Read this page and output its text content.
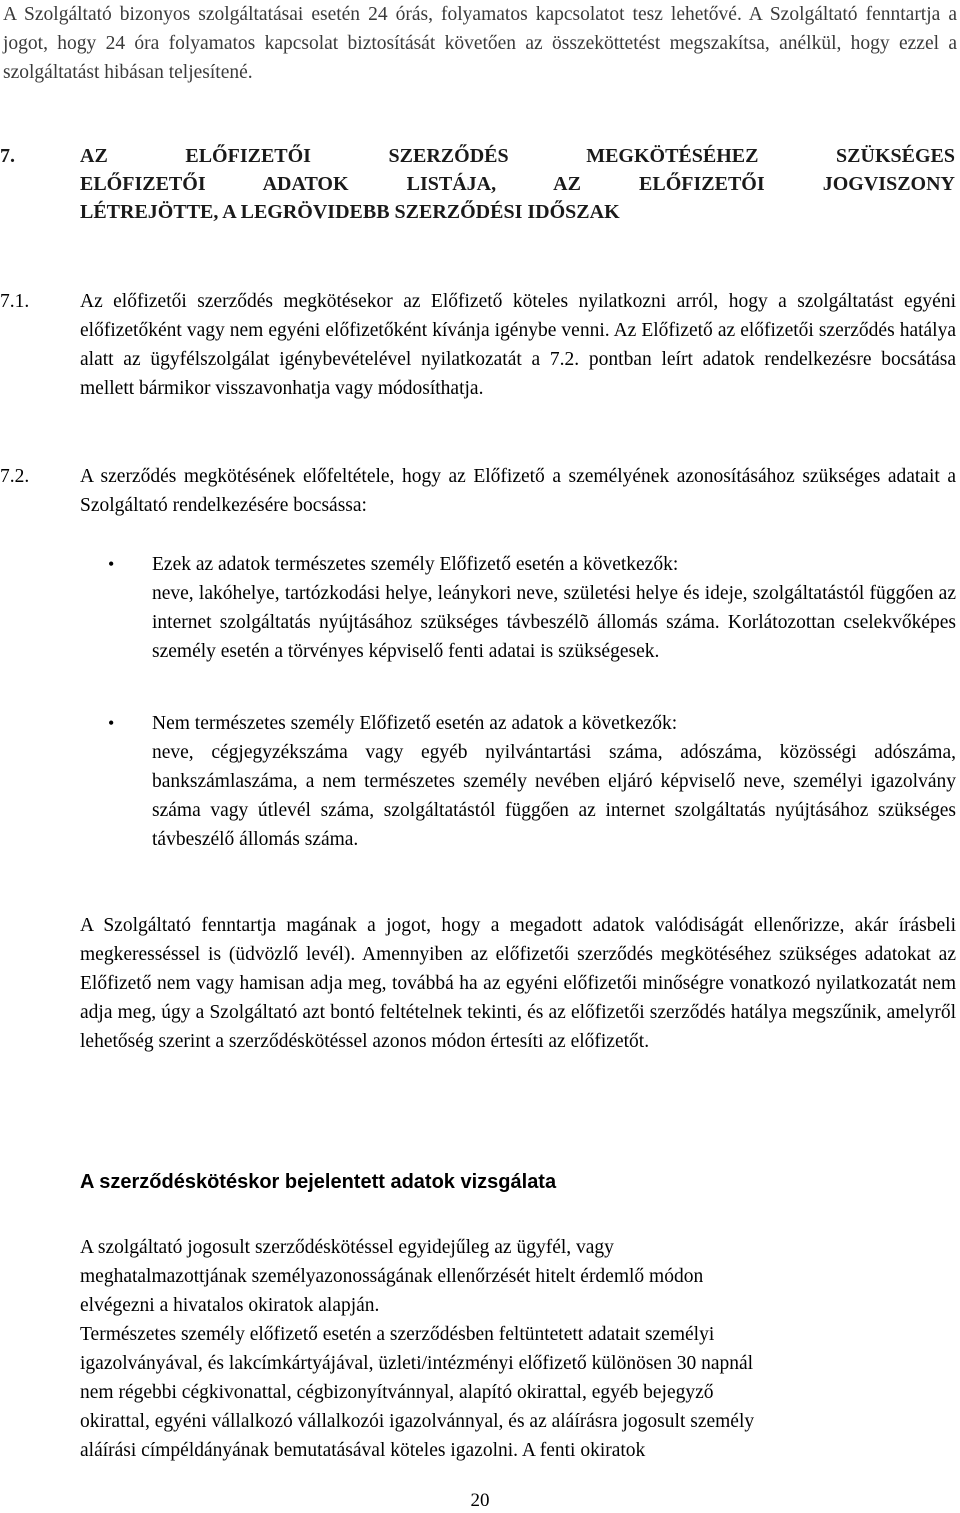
A Szolgáltató bizonyos szolgáltatásai esetén 24 órás, folyamatos kapcsolatot tesz lehetővé. A Szolgáltató fenntartja a jogot, hogy 24 óra folyamatos kapcsolat biztosítását követően az összeköttetést megszakítsa, anélkül, hogy ezzel a szolgáltatást hibásan teljesítené.
7.	AZ ELŐFIZETŐI SZERZŐDÉS MEGKÖTÉSÉHEZ SZÜKSÉGES
ELŐFIZETŐI ADATOK LISTÁJA, AZ ELŐFIZETŐI JOGVISZONY
LÉTREJÖTTE, A LEGRÖVIDEBB SZERZŐDÉSI IDŐSZAK
7.1.	Az előfizetői szerződés megkötésekor az Előfizető köteles nyilatkozni arról, hogy a szolgáltatást egyéni előfizetőként vagy nem egyéni előfizetőként kívánja igénybe venni. Az Előfizető az előfizetői szerződés hatálya alatt az ügyfélszolgálat igénybevételével nyilatkozatát a 7.2. pontban leírt adatok rendelkezésre bocsátása mellett bármikor visszavonhatja vagy módosíthatja.
7.2.	A szerződés megkötésének előfeltétele, hogy az Előfizető a személyének azonosításához szükséges adatait a Szolgáltató rendelkezésére bocsássa:
• Ezek az adatok természetes személy Előfizető esetén a következők:
neve, lakóhelye, tartózkodási helye, leánykori neve, születési helye és ideje, szolgáltatástól függően az internet szolgáltatás nyújtásához szükséges távbeszélõ állomás száma. Korlátozottan cselekvőképes személy esetén a törvényes képviselő fenti adatai is szükségesek.
• Nem természetes személy Előfizető esetén az adatok a következők:
neve, cégjegyzékszáma vagy egyéb nyilvántartási száma, adószáma, közösségi adószáma, bankszámlaszáma, a nem természetes személy nevében eljáró képviselő neve, személyi igazolvány száma vagy útlevél száma, szolgáltatástól függően az internet szolgáltatás nyújtásához szükséges távbeszélő állomás száma.
A Szolgáltató fenntartja magának a jogot, hogy a megadott adatok valódiságát ellenőrizze, akár írásbeli megkeresséssel is (üdvözlő levél). Amennyiben az előfizetői szerződés megkötéséhez szükséges adatokat az Előfizető nem vagy hamisan adja meg, továbbá ha az egyéni előfizetői minőségre vonatkozó nyilatkozatát nem adja meg, úgy a Szolgáltató azt bontó feltételnek tekinti, és az előfizetői szerződés hatálya megszűnik, amelyről lehetőség szerint a szerződéskötéssel azonos módon értesíti az előfizetőt.
A szerződéskötéskor bejelentett adatok vizsgálata
A szolgáltató jogosult szerződéskötéssel egyidejűleg az ügyfél, vagy
meghatalmazottjának személyazonosságának ellenőrzését hitelt érdemlő módon
elvégezni a hivatalos okiratok alapján.
Természetes személy előfizető esetén a szerződésben feltüntetett adatait személyi
igazolványával, és lakcímkártyájával, üzleti/intézményi előfizető különösen 30 napnál
nem régebbi cégkivonattal, cégbizonyítvánnyal, alapító okirattal, egyéb bejegyző
okirattal, egyéni vállalkozó vállalkozói igazolvánnyal, és az aláírásra jogosult személy
aláírási címpéldányának bemutatásával köteles igazolni. A fenti okiratok
20
